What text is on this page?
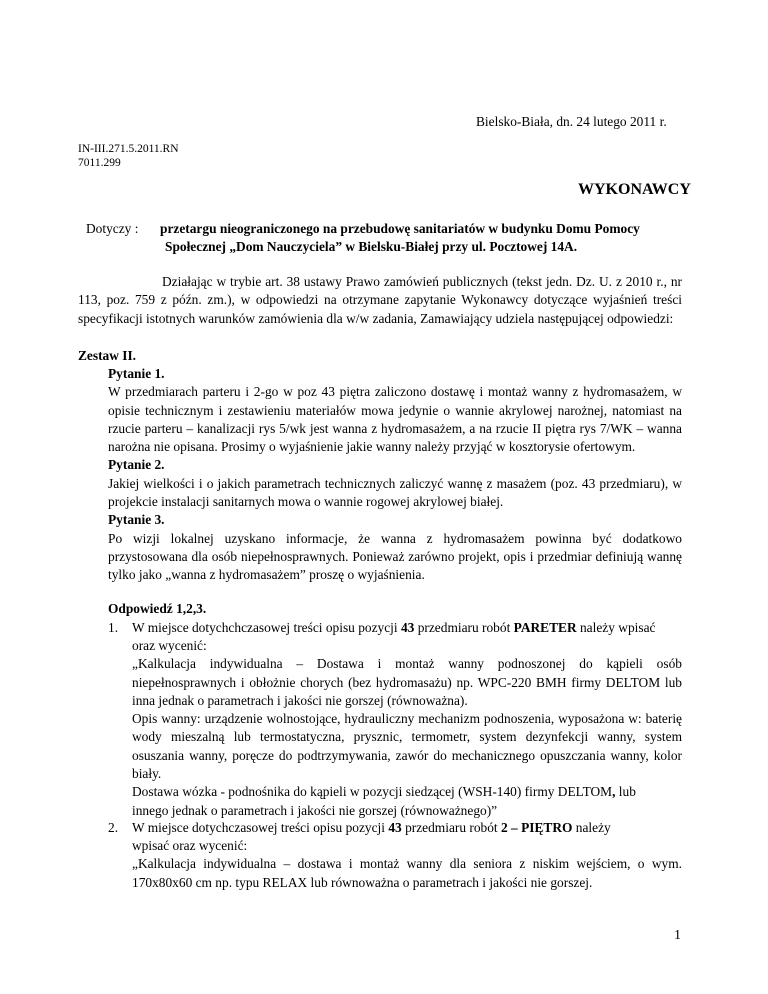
Bielsko-Biała, dn. 24 lutego 2011 r.
IN-III.271.5.2011.RN
7011.299
WYKONAWCY
Dotyczy : przetargu nieograniczonego na przebudowę sanitariatów w budynku Domu Pomocy
Społecznej „Dom Nauczyciela” w Bielsku-Białej przy ul. Pocztowej 14A.

Działając w trybie art. 38 ustawy Prawo zamówień publicznych (tekst jedn. Dz. U. z 2010 r., nr 113, poz. 759 z późn. zm.), w odpowiedzi na otrzymane zapytanie Wykonawcy dotyczące wyjaśnień treści specyfikacji istotnych warunków zamówienia dla w/w zadania, Zamawiający udziela następującej odpowiedzi:

Zestaw II.
Pytanie 1.

W przedmiarach parteru i 2-go w poz 43 piętra zaliczono dostawę i montaż wanny z hydromasażem, w opisie technicznym i zestawieniu materiałów mowa jedynie o wannie akrylowej narożnej, natomiast na rzucie parteru – kanalizacji rys 5/wk jest wanna z hydromasażem, a na rzucie II piętra rys 7/WK – wanna narożna nie opisana. Prosimy o wyjaśnienie jakie wanny należy przyjąć w kosztorysie ofertowym.

Pytanie 2.

Jakiej wielkości i o jakich parametrach technicznych zaliczyć wannę z masażem (poz. 43 przedmiaru), w projekcie instalacji sanitarnych mowa o wannie rogowej akrylowej białej.

Pytanie 3.

Po wizji lokalnej uzyskano informacje, że wanna z hydromasażem powinna być dodatkowo przystosowana dla osób niepełnosprawnych. Ponieważ zarówno projekt, opis i przedmiar definiują wannę tylko jako „wanna z hydromasażem” proszę o wyjaśnienia.

Odpowiedź 1,2,3.
1. W miejsce dotychchczasowej treści opisu pozycji 43 przedmiaru robót PARETER należy wpisać
oraz wycenić:

„Kalkulacja indywidualna – Dostawa i montaż wanny podnoszonej do kąpieli osób niepełnosprawnych i obłożnie chorych (bez hydromasażu) np. WPC-220 BMH firmy DELTOM lub inna jednak o parametrach i jakości nie gorszej (równoważna).

Opis wanny: urządzenie wolnostojące, hydrauliczny mechanizm podnoszenia, wyposażona w: baterię wody mieszalną lub termostatyczna, prysznic, termometr, system dezynfekcji wanny, system osuszania wanny, poręcze do podtrzymywania, zawór do mechanicznego opuszczania wanny, kolor biały.

Dostawa wózka - podnośnika do kąpieli w pozycji siedzącej (WSH-140) firmy DELTOM, lub
innego jednak o parametrach i jakości nie gorszej (równoważnego)”
2. W miejsce dotychczasowej treści opisu pozycji 43 przedmiaru robót 2 – PIĘTRO należy
wpisać oraz wycenić:

„Kalkulacja indywidualna – dostawa i montaż wanny dla seniora z niskim wejściem, o wym. 170x80x60 cm np. typu RELAX lub równoważna o parametrach i jakości nie gorszej.

1
